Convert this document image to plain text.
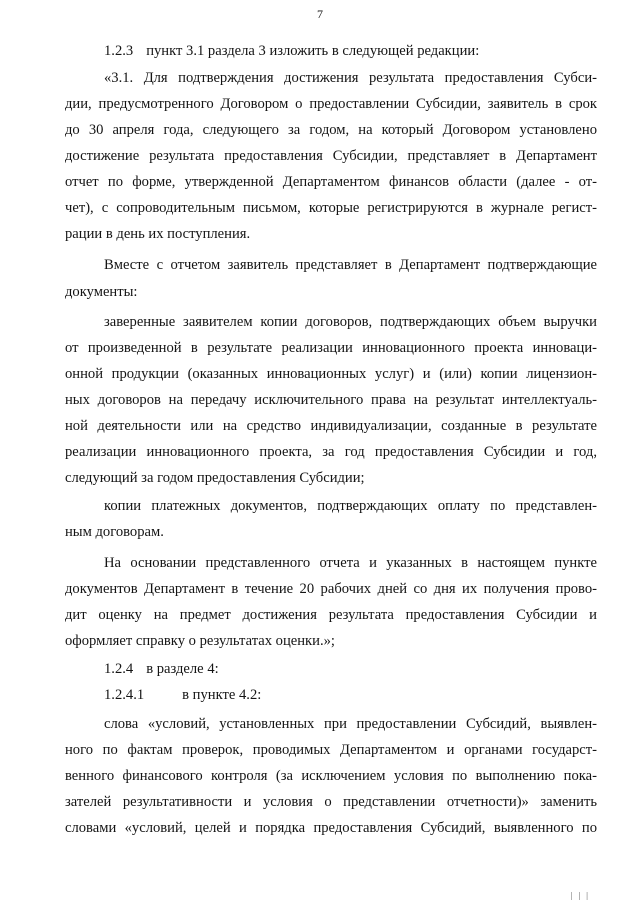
7
1.2.3 пункт 3.1 раздела 3 изложить в следующей редакции:
«3.1. Для подтверждения достижения результата предоставления Субси-
дии, предусмотренного Договором о предоставлении Субсидии, заявитель в срок
до 30 апреля года, следующего за годом, на который Договором установлено
достижение результата предоставления Субсидии, представляет в Департамент
отчет по форме, утвержденной Департаментом финансов области (далее - от-
чет), с сопроводительным письмом, которые регистрируются в журнале регист-
рации в день их поступления.
Вместе с отчетом заявитель представляет в Департамент подтверждающие
документы:
заверенные заявителем копии договоров, подтверждающих объем выручки
от произведенной в результате реализации инновационного проекта инноваци-
онной продукции (оказанных инновационных услуг) и (или) копии лицензион-
ных договоров на передачу исключительного права на результат интеллектуаль-
ной деятельности или на средство индивидуализации, созданные в результате
реализации инновационного проекта, за год предоставления Субсидии и год,
следующий за годом предоставления Субсидии;
копии платежных документов, подтверждающих оплату по представлен-
ным договорам.
На основании представленного отчета и указанных в настоящем пункте
документов Департамент в течение 20 рабочих дней со дня их получения прово-
дит оценку на предмет достижения результата предоставления Субсидии и
оформляет справку о результатах оценки.»;
1.2.4 в разделе 4:
1.2.4.1	в пункте 4.2:
слова «условий, установленных при предоставлении Субсидий, выявлен-
ного по фактам проверок, проводимых Департаментом и органами государст-
венного финансового контроля (за исключением условия по выполнению пока-
зателей результативности и условия о представлении отчетности)» заменить
словами «условий, целей и порядка предоставления Субсидий, выявленного по
| | |
